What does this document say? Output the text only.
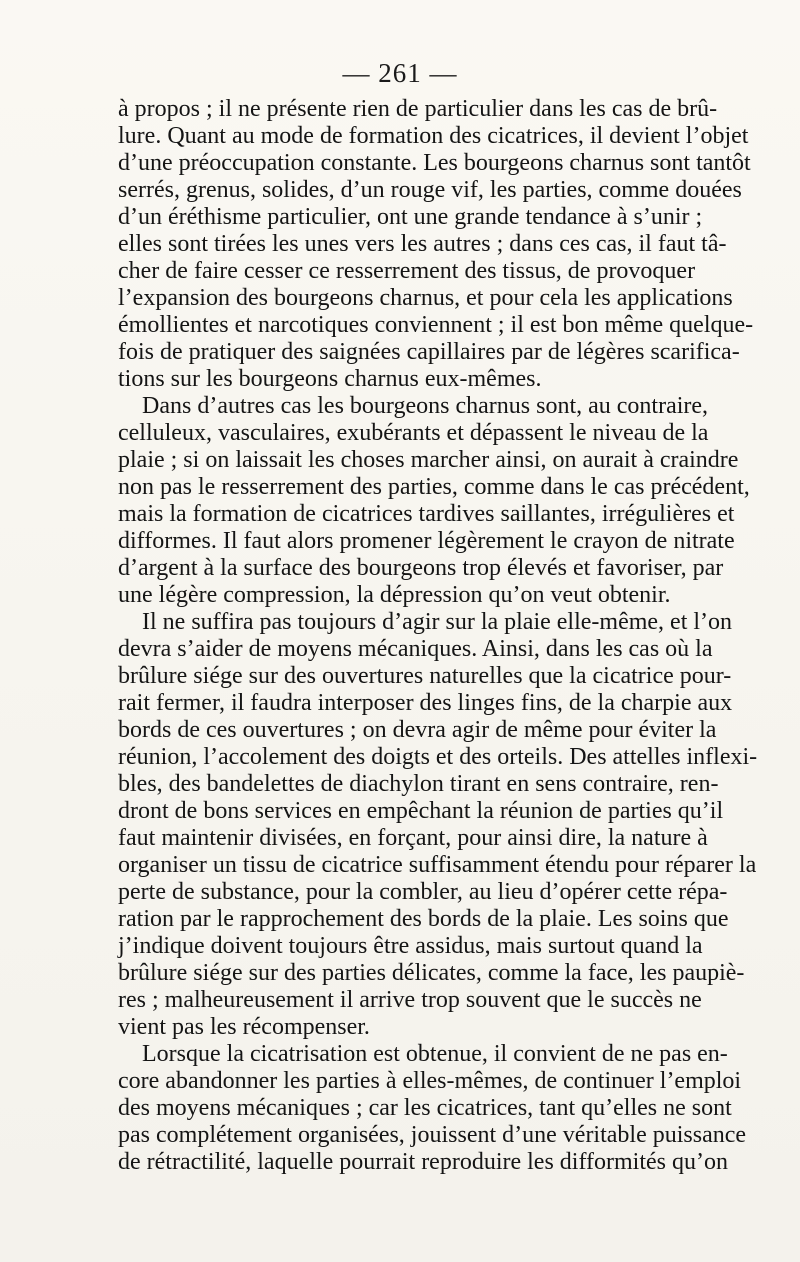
— 261 —
à propos ; il ne présente rien de particulier dans les cas de brû-
lure. Quant au mode de formation des cicatrices, il devient l’objet
d’une préoccupation constante. Les bourgeons charnus sont tantôt
serrés, grenus, solides, d’un rouge vif, les parties, comme douées
d’un éréthisme particulier, ont une grande tendance à s’unir ;
elles sont tirées les unes vers les autres ; dans ces cas, il faut tâ-
cher de faire cesser ce resserrement des tissus, de provoquer
l’expansion des bourgeons charnus, et pour cela les applications
émollientes et narcotiques conviennent ; il est bon même quelque-
fois de pratiquer des saignées capillaires par de légères scarifica-
tions sur les bourgeons charnus eux-mêmes.
Dans d’autres cas les bourgeons charnus sont, au contraire,
celluleux, vasculaires, exubérants et dépassent le niveau de la
plaie ; si on laissait les choses marcher ainsi, on aurait à craindre
non pas le resserrement des parties, comme dans le cas précédent,
mais la formation de cicatrices tardives saillantes, irrégulières et
difformes. Il faut alors promener légèrement le crayon de nitrate
d’argent à la surface des bourgeons trop élevés et favoriser, par
une légère compression, la dépression qu’on veut obtenir.
Il ne suffira pas toujours d’agir sur la plaie elle-même, et l’on
devra s’aider de moyens mécaniques. Ainsi, dans les cas où la
brûlure siége sur des ouvertures naturelles que la cicatrice pour-
rait fermer, il faudra interposer des linges fins, de la charpie aux
bords de ces ouvertures ; on devra agir de même pour éviter la
réunion, l’accolement des doigts et des orteils. Des attelles inflexi-
bles, des bandelettes de diachylon tirant en sens contraire, ren-
dront de bons services en empêchant la réunion de parties qu’il
faut maintenir divisées, en forçant, pour ainsi dire, la nature à
organiser un tissu de cicatrice suffisamment étendu pour réparer la
perte de substance, pour la combler, au lieu d’opérer cette répa-
ration par le rapprochement des bords de la plaie. Les soins que
j’indique doivent toujours être assidus, mais surtout quand la
brûlure siége sur des parties délicates, comme la face, les paupiè-
res ; malheureusement il arrive trop souvent que le succès ne
vient pas les récompenser.
Lorsque la cicatrisation est obtenue, il convient de ne pas en-
core abandonner les parties à elles-mêmes, de continuer l’emploi
des moyens mécaniques ; car les cicatrices, tant qu’elles ne sont
pas complétement organisées, jouissent d’une véritable puissance
de rétractilité, laquelle pourrait reproduire les difformités qu’on
